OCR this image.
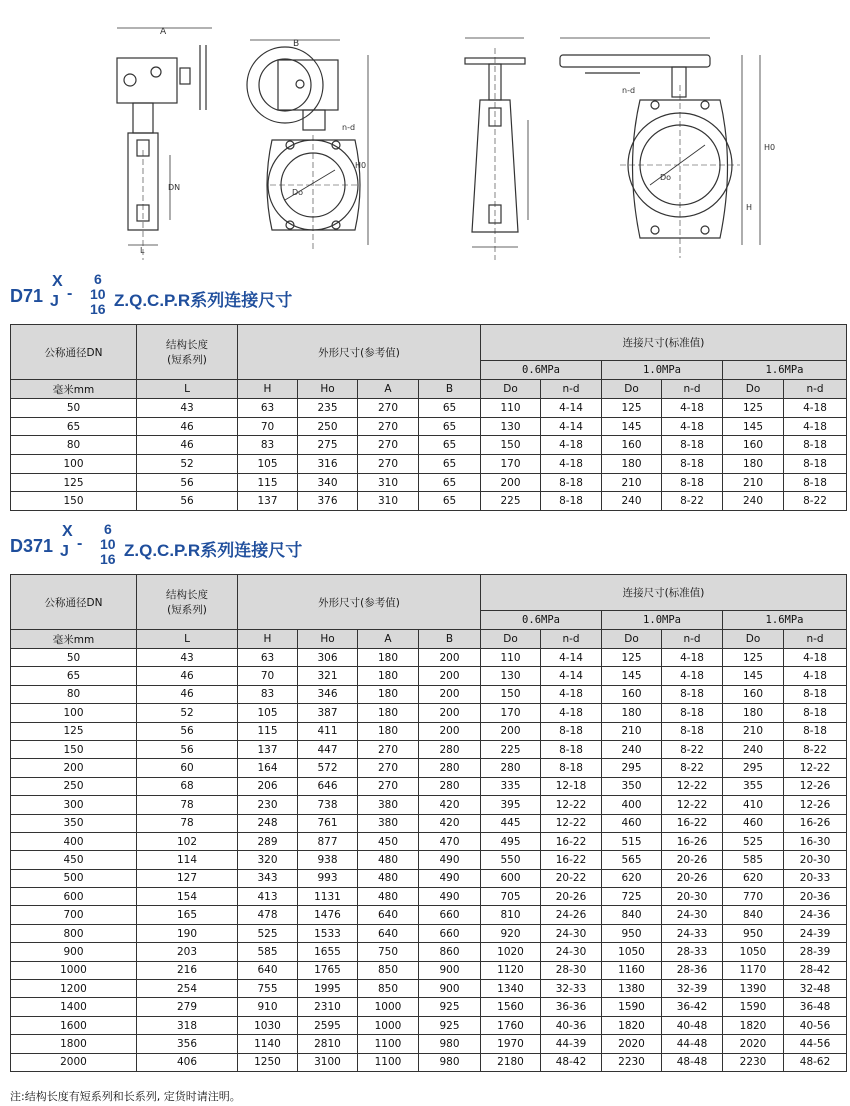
A
DN
L
B
H0
Do
n-d
n-d
Do
H
H0
D71
X
J -
6
10
16 Z.Q.C.P.R系列连接尺寸
公称通径DN	结构长度
(短系列)	外形尺寸(参考值)				连接尺寸(标准值)					
						0.6MPa		1.0MPa		1.6MPa	
毫米mm	L	H	Ho	A	B	Do	n-d	Do	n-d	Do	n-d
50	43	63	235	270	65	110	4-14	125	4-18	125	4-18
65	46	70	250	270	65	130	4-14	145	4-18	145	4-18
80	46	83	275	270	65	150	4-18	160	8-18	160	8-18
100	52	105	316	270	65	170	4-18	180	8-18	180	8-18
125	56	115	340	310	65	200	8-18	210	8-18	210	8-18
150	56	137	376	310	65	225	8-18	240	8-22	240	8-22
D371
X
J -
6
10
16 Z.Q.C.P.R系列连接尺寸
公称通径DN	结构长度
(短系列)	外形尺寸(参考值)				连接尺寸(标准值)					
						0.6MPa		1.0MPa		1.6MPa	
毫米mm	L	H	Ho	A	B	Do	n-d	Do	n-d	Do	n-d
50	43	63	306	180	200	110	4-14	125	4-18	125	4-18
65	46	70	321	180	200	130	4-14	145	4-18	145	4-18
80	46	83	346	180	200	150	4-18	160	8-18	160	8-18
100	52	105	387	180	200	170	4-18	180	8-18	180	8-18
125	56	115	411	180	200	200	8-18	210	8-18	210	8-18
150	56	137	447	270	280	225	8-18	240	8-22	240	8-22
200	60	164	572	270	280	280	8-18	295	8-22	295	12-22
250	68	206	646	270	280	335	12-18	350	12-22	355	12-26
300	78	230	738	380	420	395	12-22	400	12-22	410	12-26
350	78	248	761	380	420	445	12-22	460	16-22	460	16-26
400	102	289	877	450	470	495	16-22	515	16-26	525	16-30
450	114	320	938	480	490	550	16-22	565	20-26	585	20-30
500	127	343	993	480	490	600	20-22	620	20-26	620	20-33
600	154	413	1131	480	490	705	20-26	725	20-30	770	20-36
700	165	478	1476	640	660	810	24-26	840	24-30	840	24-36
800	190	525	1533	640	660	920	24-30	950	24-33	950	24-39
900	203	585	1655	750	860	1020	24-30	1050	28-33	1050	28-39
1000	216	640	1765	850	900	1120	28-30	1160	28-36	1170	28-42
1200	254	755	1995	850	900	1340	32-33	1380	32-39	1390	32-48
1400	279	910	2310	1000	925	1560	36-36	1590	36-42	1590	36-48
1600	318	1030	2595	1000	925	1760	40-36	1820	40-48	1820	40-56
1800	356	1140	2810	1100	980	1970	44-39	2020	44-48	2020	44-56
2000	406	1250	3100	1100	980	2180	48-42	2230	48-48	2230	48-62
注:结构长度有短系列和长系列, 定货时请注明。
